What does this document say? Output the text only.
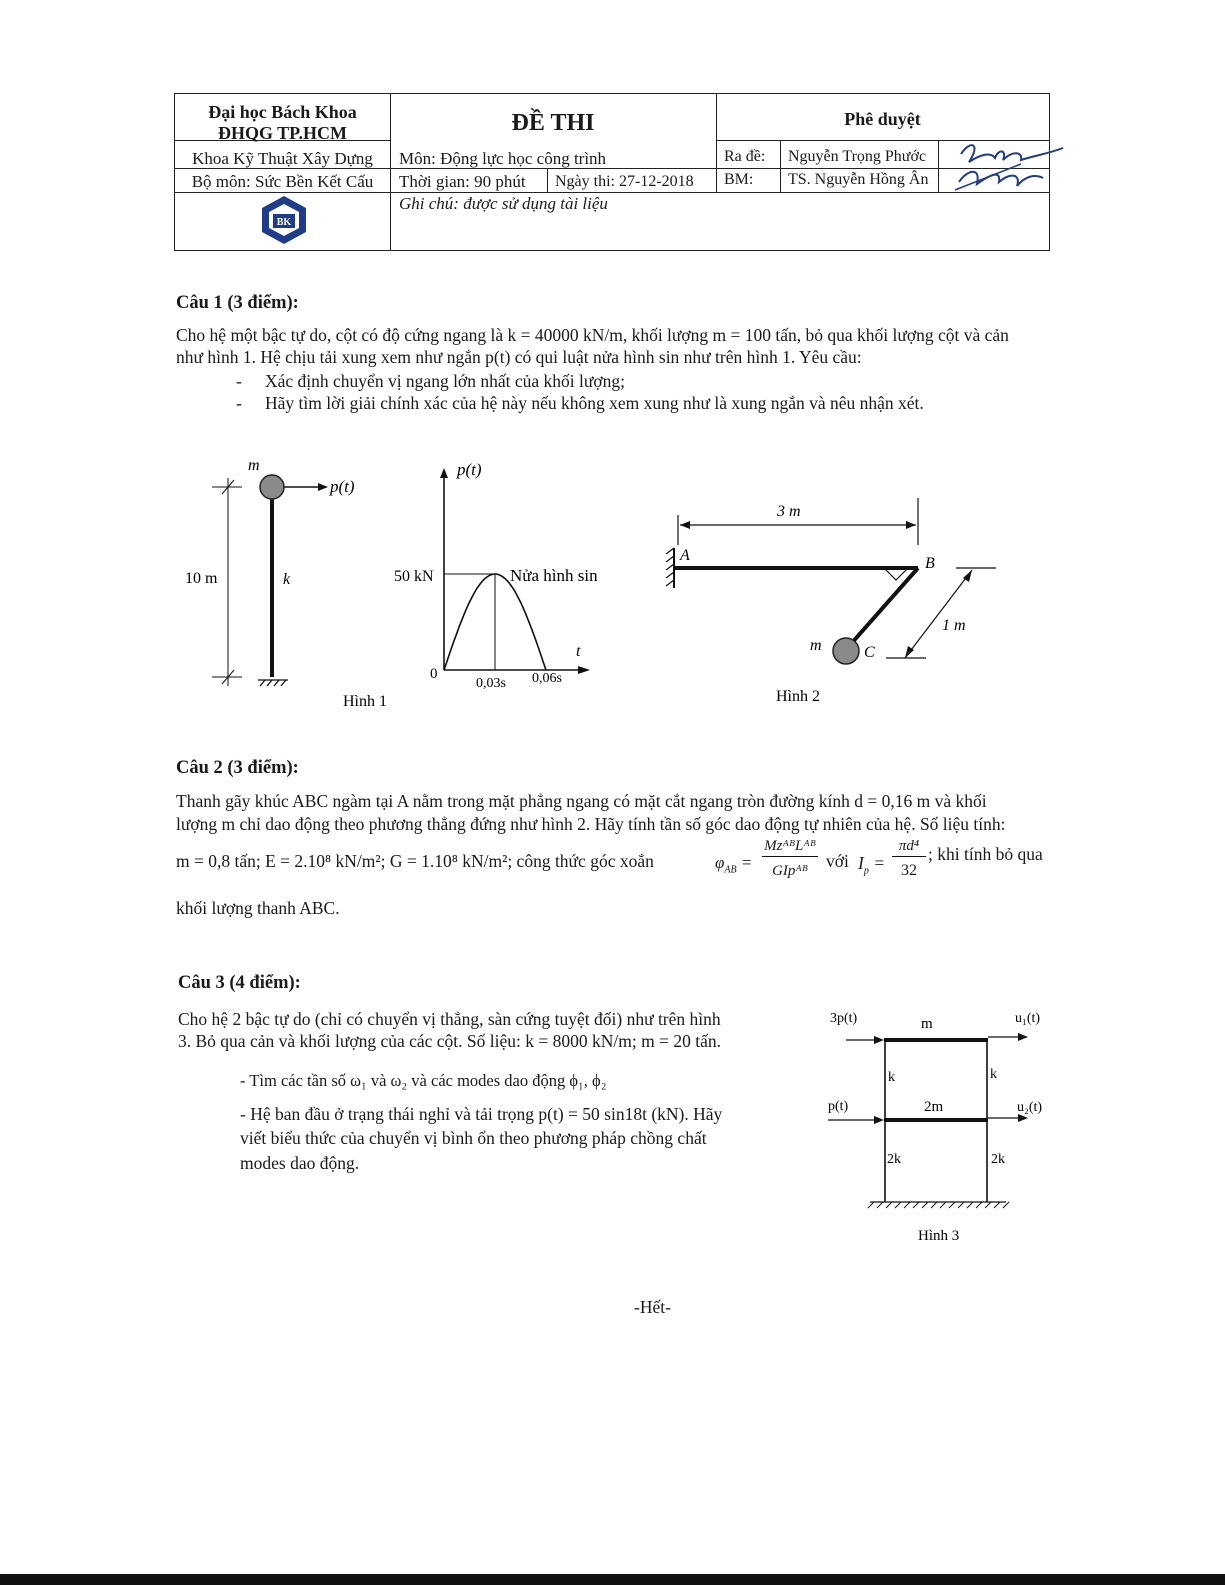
Đại học Bách Khoa
ĐHQG TP.HCM
Khoa Kỹ Thuật Xây Dựng
Bộ môn: Sức Bền Kết Cấu
ĐỀ THI
Môn: Động lực học công trình
Thời gian: 90 phút Ngày thi: 27-12-2018
Ghi chú: được sử dụng tài liệu
Phê duyệt
Ra đề: Nguyễn Trọng Phước
BM: TS. Nguyễn Hồng Ân
BK
Câu 1 (3 điểm):
Cho hệ một bậc tự do, cột có độ cứng ngang là k = 40000 kN/m, khối lượng m = 100 tấn, bỏ qua khối lượng cột và cản
như hình 1. Hệ chịu tải xung xem như ngắn p(t) có qui luật nửa hình sin như trên hình 1. Yêu cầu:
- Xác định chuyển vị ngang lớn nhất của khối lượng;
- Hãy tìm lời giải chính xác của hệ này nếu không xem xung như là xung ngắn và nêu nhận xét.
m
p(t)
10 m	k
p(t)
50 kN	Nửa hình sin
t
0
0,03s 0,06s
Hình 1
3 m
A	B
C
m
1 m
Hình 2
Câu 2 (3 điểm):
Thanh gãy khúc ABC ngàm tại A nằm trong mặt phẳng ngang có mặt cắt ngang tròn đường kính d = 0,16 m và khối
lượng m chỉ dao động theo phương thẳng đứng như hình 2. Hãy tính tần số góc dao động tự nhiên của hệ. Số liệu tính:
m = 0,8 tấn; E = 2.10⁸ kN/m²; G = 1.10⁸ kN/m²; công thức góc xoắn	$\varphi_{AB}$ =
MzᴬᴮLᴬᴮ
GIpᴬᴮ	với $I_p$ =
πd⁴
32
; khi tính bỏ qua
khối lượng thanh ABC.
Câu 3 (4 điểm):
Cho hệ 2 bậc tự do (chỉ có chuyển vị thẳng, sàn cứng tuyệt đối) như trên hình
3. Bỏ qua cản và khối lượng của các cột. Số liệu: k = 8000 kN/m; m = 20 tấn.
- Tìm các tần số ω₁ và ω₂ và các modes dao động ϕ₁, ϕ₂
- Hệ ban đầu ở trạng thái nghỉ và tải trọng p(t) = 50 sin18t (kN). Hãy
viết biểu thức của chuyển vị bình ổn theo phương pháp chồng chất
modes dao động.
3p(t)	m	u₁(t)
k	k
p(t)	2m	u₂(t)
2k	2k
Hình 3
-Hết-
